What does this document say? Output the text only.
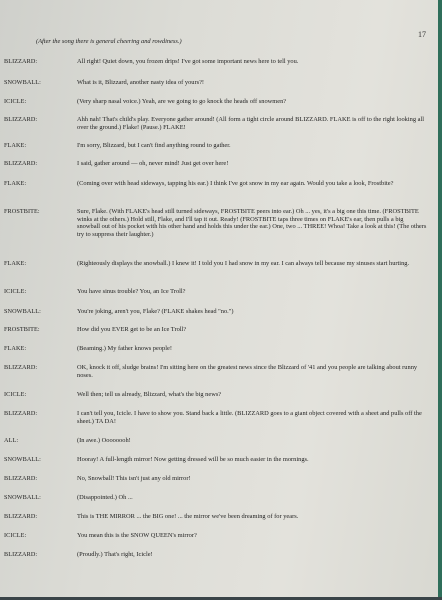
17
(After the song there is general cheering and rowdiness.)
BLIZZARD:	All right! Quiet down, you frozen drips! I've got some important news here to tell you.
SNOWBALL:	What is it, Blizzard, another nasty idea of yours?!
ICICLE:	(Very sharp nasal voice.) Yeah, are we going to go knock the heads off snowmen?
BLIZZARD:	Ahh nah! That's child's play. Everyone gather around! (All form a tight circle around BLIZZARD. FLAKE is off to the right looking all over the ground.) Flake! (Pause.) FLAKE!
FLAKE:	I'm sorry, Blizzard, but I can't find anything round to gather.
BLIZZARD:	I said, gather around — oh, never mind! Just get over here!
FLAKE:	(Coming over with head sideways, tapping his ear.) I think I've got snow in my ear again. Would you take a look, Frostbite?
FROSTBITE:	Sure, Flake. (With FLAKE's head still turned sideways, FROSTBITE peers into ear.) Oh ... yes, it's a big one this time. (FROSTBITE winks at the others.) Hold still, Flake, and I'll tap it out. Ready! (FROSTBITE taps three times on FLAKE's ear, then pulls a big snowball out of his pocket with his other hand and holds this under the ear.) One, two ... THREE! Whoa! Take a look at this! (The others try to suppress their laughter.)
FLAKE:	(Righteously displays the snowball.) I knew it! I told you I had snow in my ear. I can always tell because my sinuses start hurting.
ICICLE:	You have sinus trouble? You, an Ice Troll?
SNOWBALL:	You're joking, aren't you, Flake? (FLAKE shakes head "no.")
FROSTBITE:	How did you EVER get to be an Ice Troll?
FLAKE:	(Beaming.) My father knows people!
BLIZZARD:	OK, knock it off, sludge brains! I'm sitting here on the greatest news since the Blizzard of '41 and you people are talking about runny noses.
ICICLE:	Well then; tell us already, Blizzard, what's the big news?
BLIZZARD:	I can't tell you, Icicle. I have to show you. Stand back a little. (BLIZZARD goes to a giant object covered with a sheet and pulls off the sheet.) TA DA!
ALL:	(In awe.) Oooooooh!
SNOWBALL:	Hooray! A full-length mirror! Now getting dressed will be so much easier in the mornings.
BLIZZARD:	No, Snowball! This isn't just any old mirror!
SNOWBALL:	(Disappointed.) Oh ...
BLIZZARD:	This is THE MIRROR ... the BIG one! ... the mirror we've been dreaming of for years.
ICICLE:	You mean this is the SNOW QUEEN's mirror?
BLIZZARD:	(Proudly.) That's right, Icicle!
